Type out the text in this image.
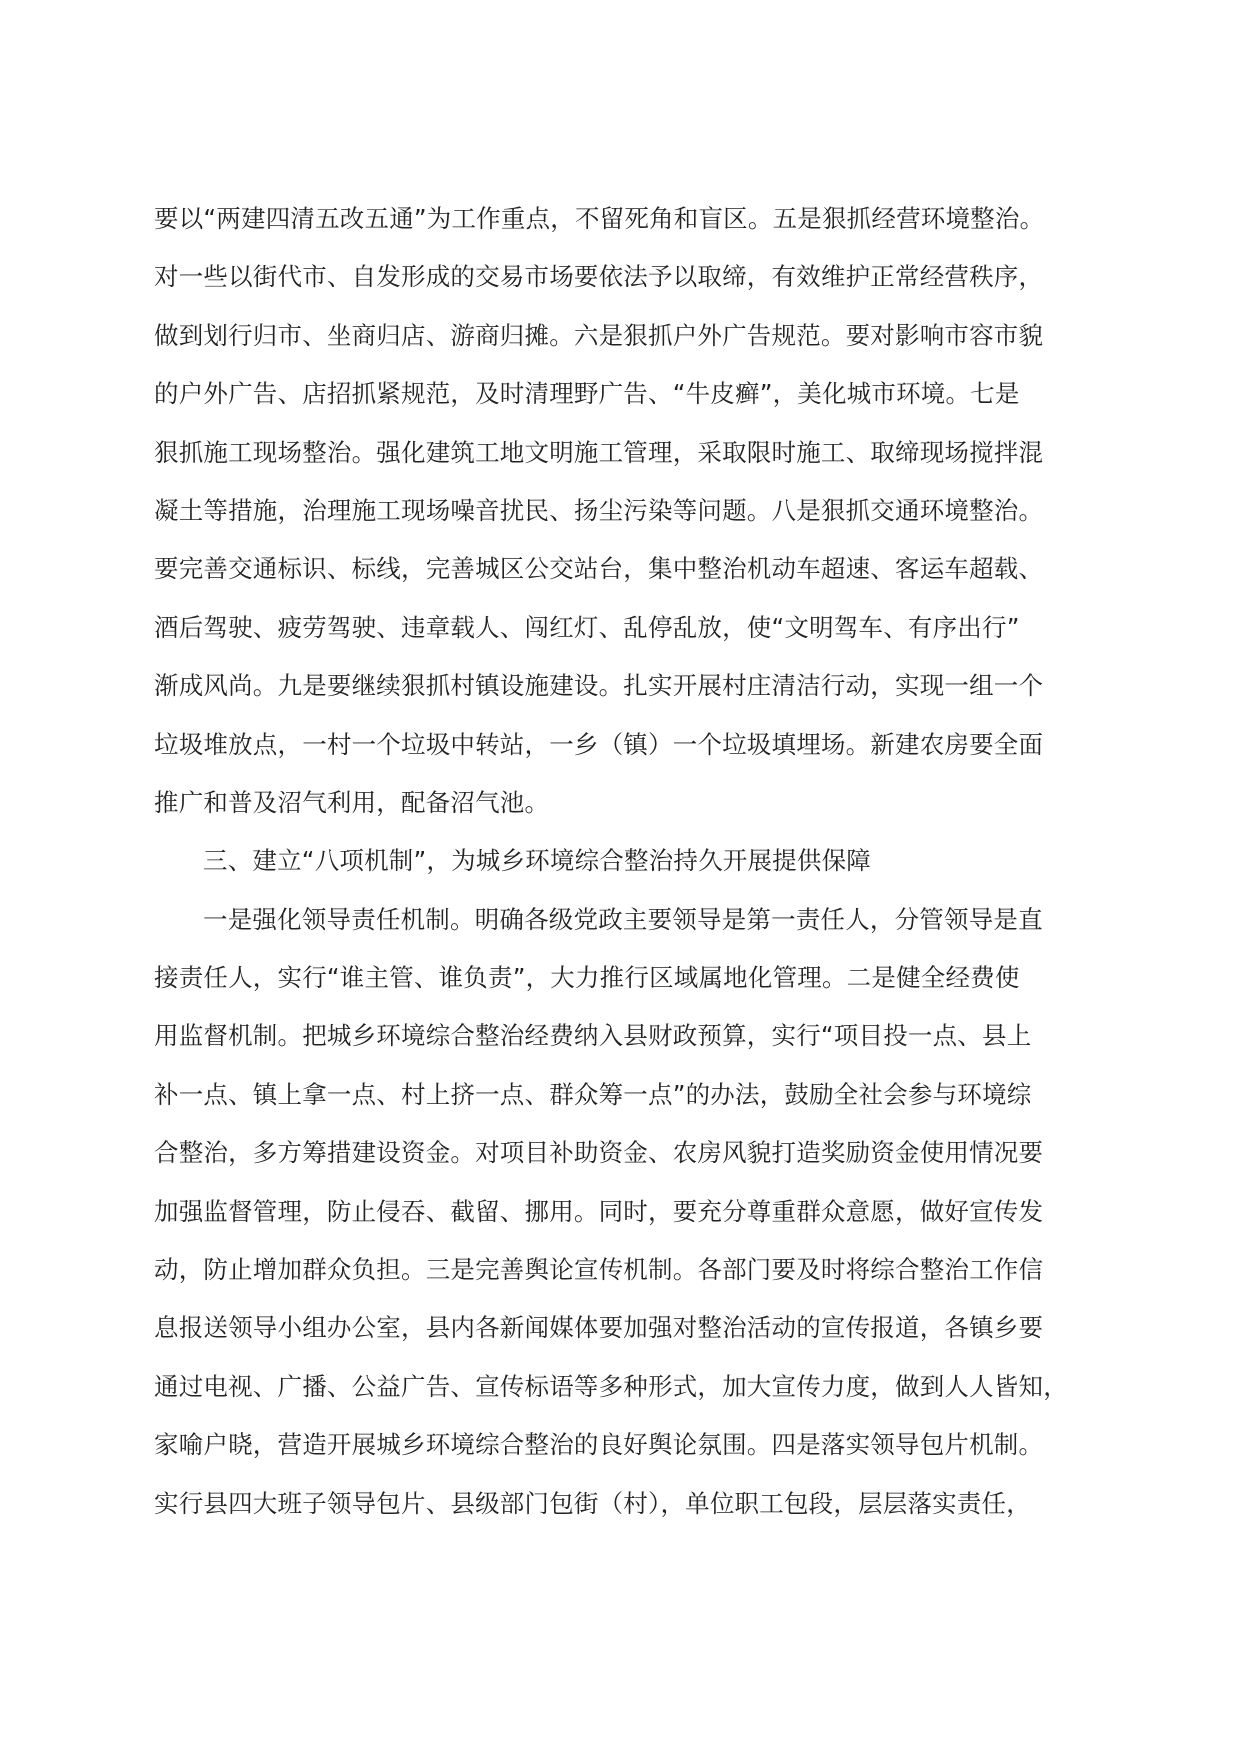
要以“两建四清五改五通”为工作重点，不留死角和盲区。五是狠抓经营环境整治。
对一些以街代市、自发形成的交易市场要依法予以取缔，有效维护正常经营秩序，
做到划行归市、坐商归店、游商归摊。六是狠抓户外广告规范。要对影响市容市貌
的户外广告、店招抓紧规范，及时清理野广告、“牛皮癣”，美化城市环境。七是
狠抓施工现场整治。强化建筑工地文明施工管理，采取限时施工、取缔现场搅拌混
凝土等措施，治理施工现场噪音扰民、扬尘污染等问题。八是狠抓交通环境整治。
要完善交通标识、标线，完善城区公交站台，集中整治机动车超速、客运车超载、
酒后驾驶、疲劳驾驶、违章载人、闯红灯、乱停乱放，使“文明驾车、有序出行”
渐成风尚。九是要继续狠抓村镇设施建设。扎实开展村庄清洁行动，实现一组一个
垃圾堆放点，一村一个垃圾中转站，一乡（镇）一个垃圾填埋场。新建农房要全面
推广和普及沼气利用，配备沼气池。
三、建立“八项机制”，为城乡环境综合整治持久开展提供保障
一是强化领导责任机制。明确各级党政主要领导是第一责任人，分管领导是直
接责任人，实行“谁主管、谁负责”，大力推行区域属地化管理。二是健全经费使
用监督机制。把城乡环境综合整治经费纳入县财政预算，实行“项目投一点、县上
补一点、镇上拿一点、村上挤一点、群众筹一点”的办法，鼓励全社会参与环境综
合整治，多方筹措建设资金。对项目补助资金、农房风貌打造奖励资金使用情况要
加强监督管理，防止侵吞、截留、挪用。同时，要充分尊重群众意愿，做好宣传发
动，防止增加群众负担。三是完善舆论宣传机制。各部门要及时将综合整治工作信
息报送领导小组办公室，县内各新闻媒体要加强对整治活动的宣传报道，各镇乡要
通过电视、广播、公益广告、宣传标语等多种形式，加大宣传力度，做到人人皆知，
家喻户晓，营造开展城乡环境综合整治的良好舆论氛围。四是落实领导包片机制。
实行县四大班子领导包片、县级部门包街（村），单位职工包段，层层落实责任，
